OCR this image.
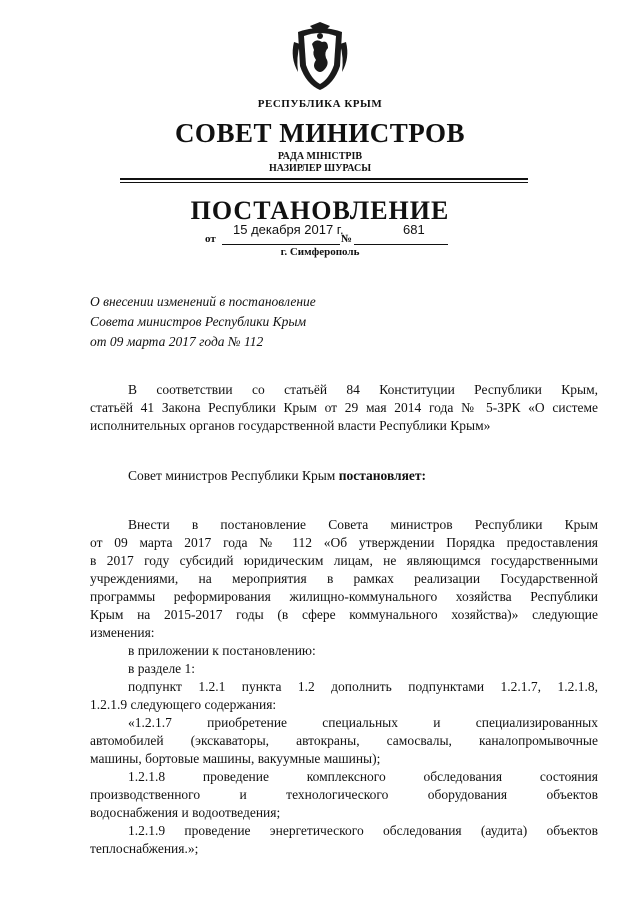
РЕСПУБЛИКА КРЫМ
СОВЕТ МИНИСТРОВ
РАДА МІНІСТРІВ
НАЗИРЛЕР ШУРАСЫ
ПОСТАНОВЛЕНИЕ
15 декабря 2017 г.	681
от	№
г. Симферополь
О внесении изменений в постановление
Совета министров Республики Крым
от 09 марта 2017 года № 112
В соответствии со статьёй 84 Конституции Республики Крым,
статьёй 41 Закона Республики Крым от 29 мая 2014 года № 5-ЗРК «О системе
исполнительных органов государственной власти Республики Крым»
Совет министров Республики Крым постановляет:
Внести в постановление Совета министров Республики Крым
от 09 марта 2017 года № 112 «Об утверждении Порядка предоставления
в 2017 году субсидий юридическим лицам, не являющимся государственными
учреждениями, на мероприятия в рамках реализации Государственной
программы реформирования жилищно-коммунального хозяйства Республики
Крым на 2015-2017 годы (в сфере коммунального хозяйства)» следующие
изменения:
в приложении к постановлению:
в разделе 1:
подпункт 1.2.1 пункта 1.2 дополнить подпунктами 1.2.1.7, 1.2.1.8,
1.2.1.9 следующего содержания:
«1.2.1.7 приобретение специальных и специализированных
автомобилей (экскаваторы, автокраны, самосвалы, каналопромывочные
машины, бортовые машины, вакуумные машины);
1.2.1.8 проведение комплексного обследования состояния
производственного и технологического оборудования объектов
водоснабжения и водоотведения;
1.2.1.9 проведение энергетического обследования (аудита) объектов
теплоснабжения.»;
